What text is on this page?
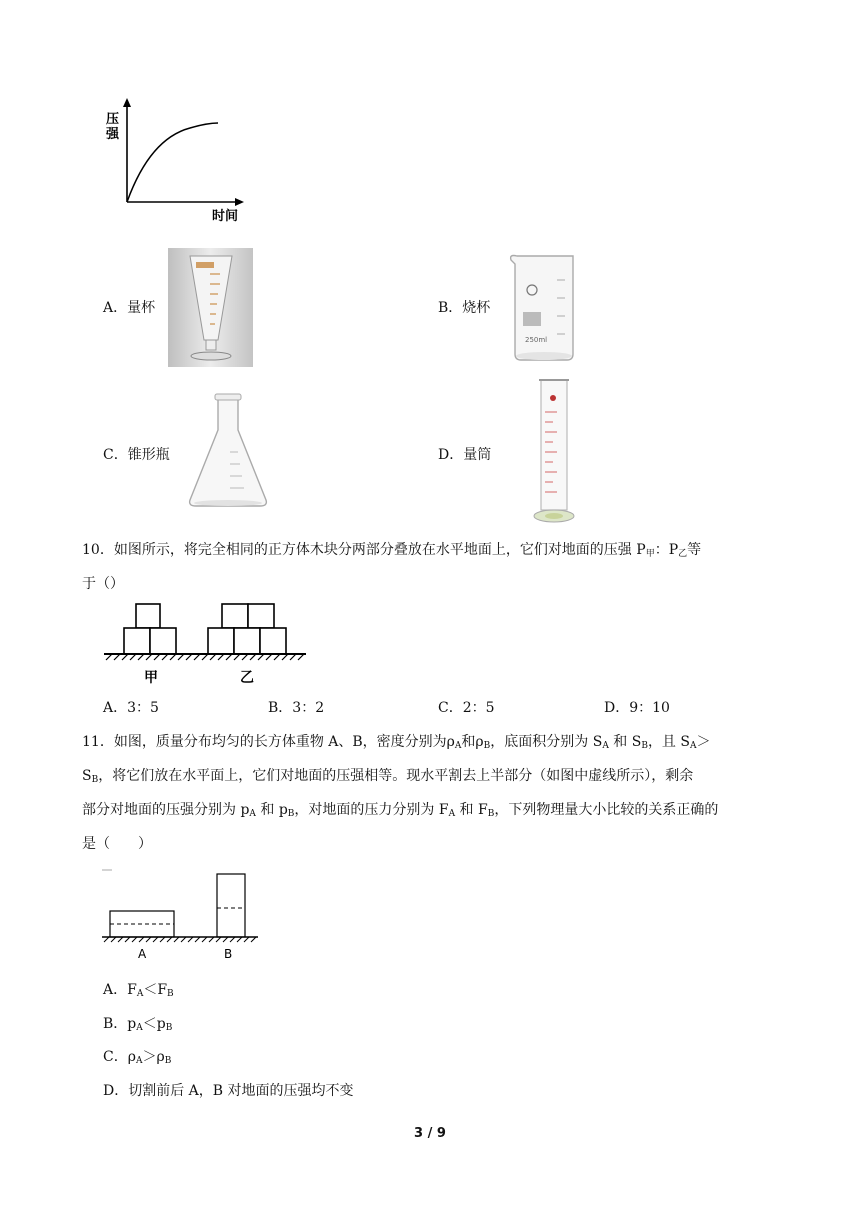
压
强
时间
A．量杯	B．烧杯
250ml
C．锥形瓶	D．量筒
10．如图所示，将完全相同的正方体木块分两部分叠放在水平地面上，它们对地面的压强 $P_甲$：$P_乙$等
于（）
甲	乙
A．3：5	B．3：2	C．2：5	D．9：10
11．如图，质量分布均匀的长方体重物 A、B，密度分别为$\rho_A$和$\rho_B$，底面积分别为 $S_A$ 和 $S_B$，且 $S_A>$
$S_B$，将它们放在水平面上，它们对地面的压强相等。现水平割去上半部分（如图中虚线所示），剩余
部分对地面的压强分别为 $p_A$ 和 $p_B$，对地面的压力分别为 $F_A$ 和 $F_B$，下列物理量大小比较的关系正确的
是（　　）
A	B
A．$F_A<F_B$
B．$p_A<p_B$
C．$\rho_A>\rho_B$
D．切割前后 A，B 对地面的压强均不变
3 / 9
